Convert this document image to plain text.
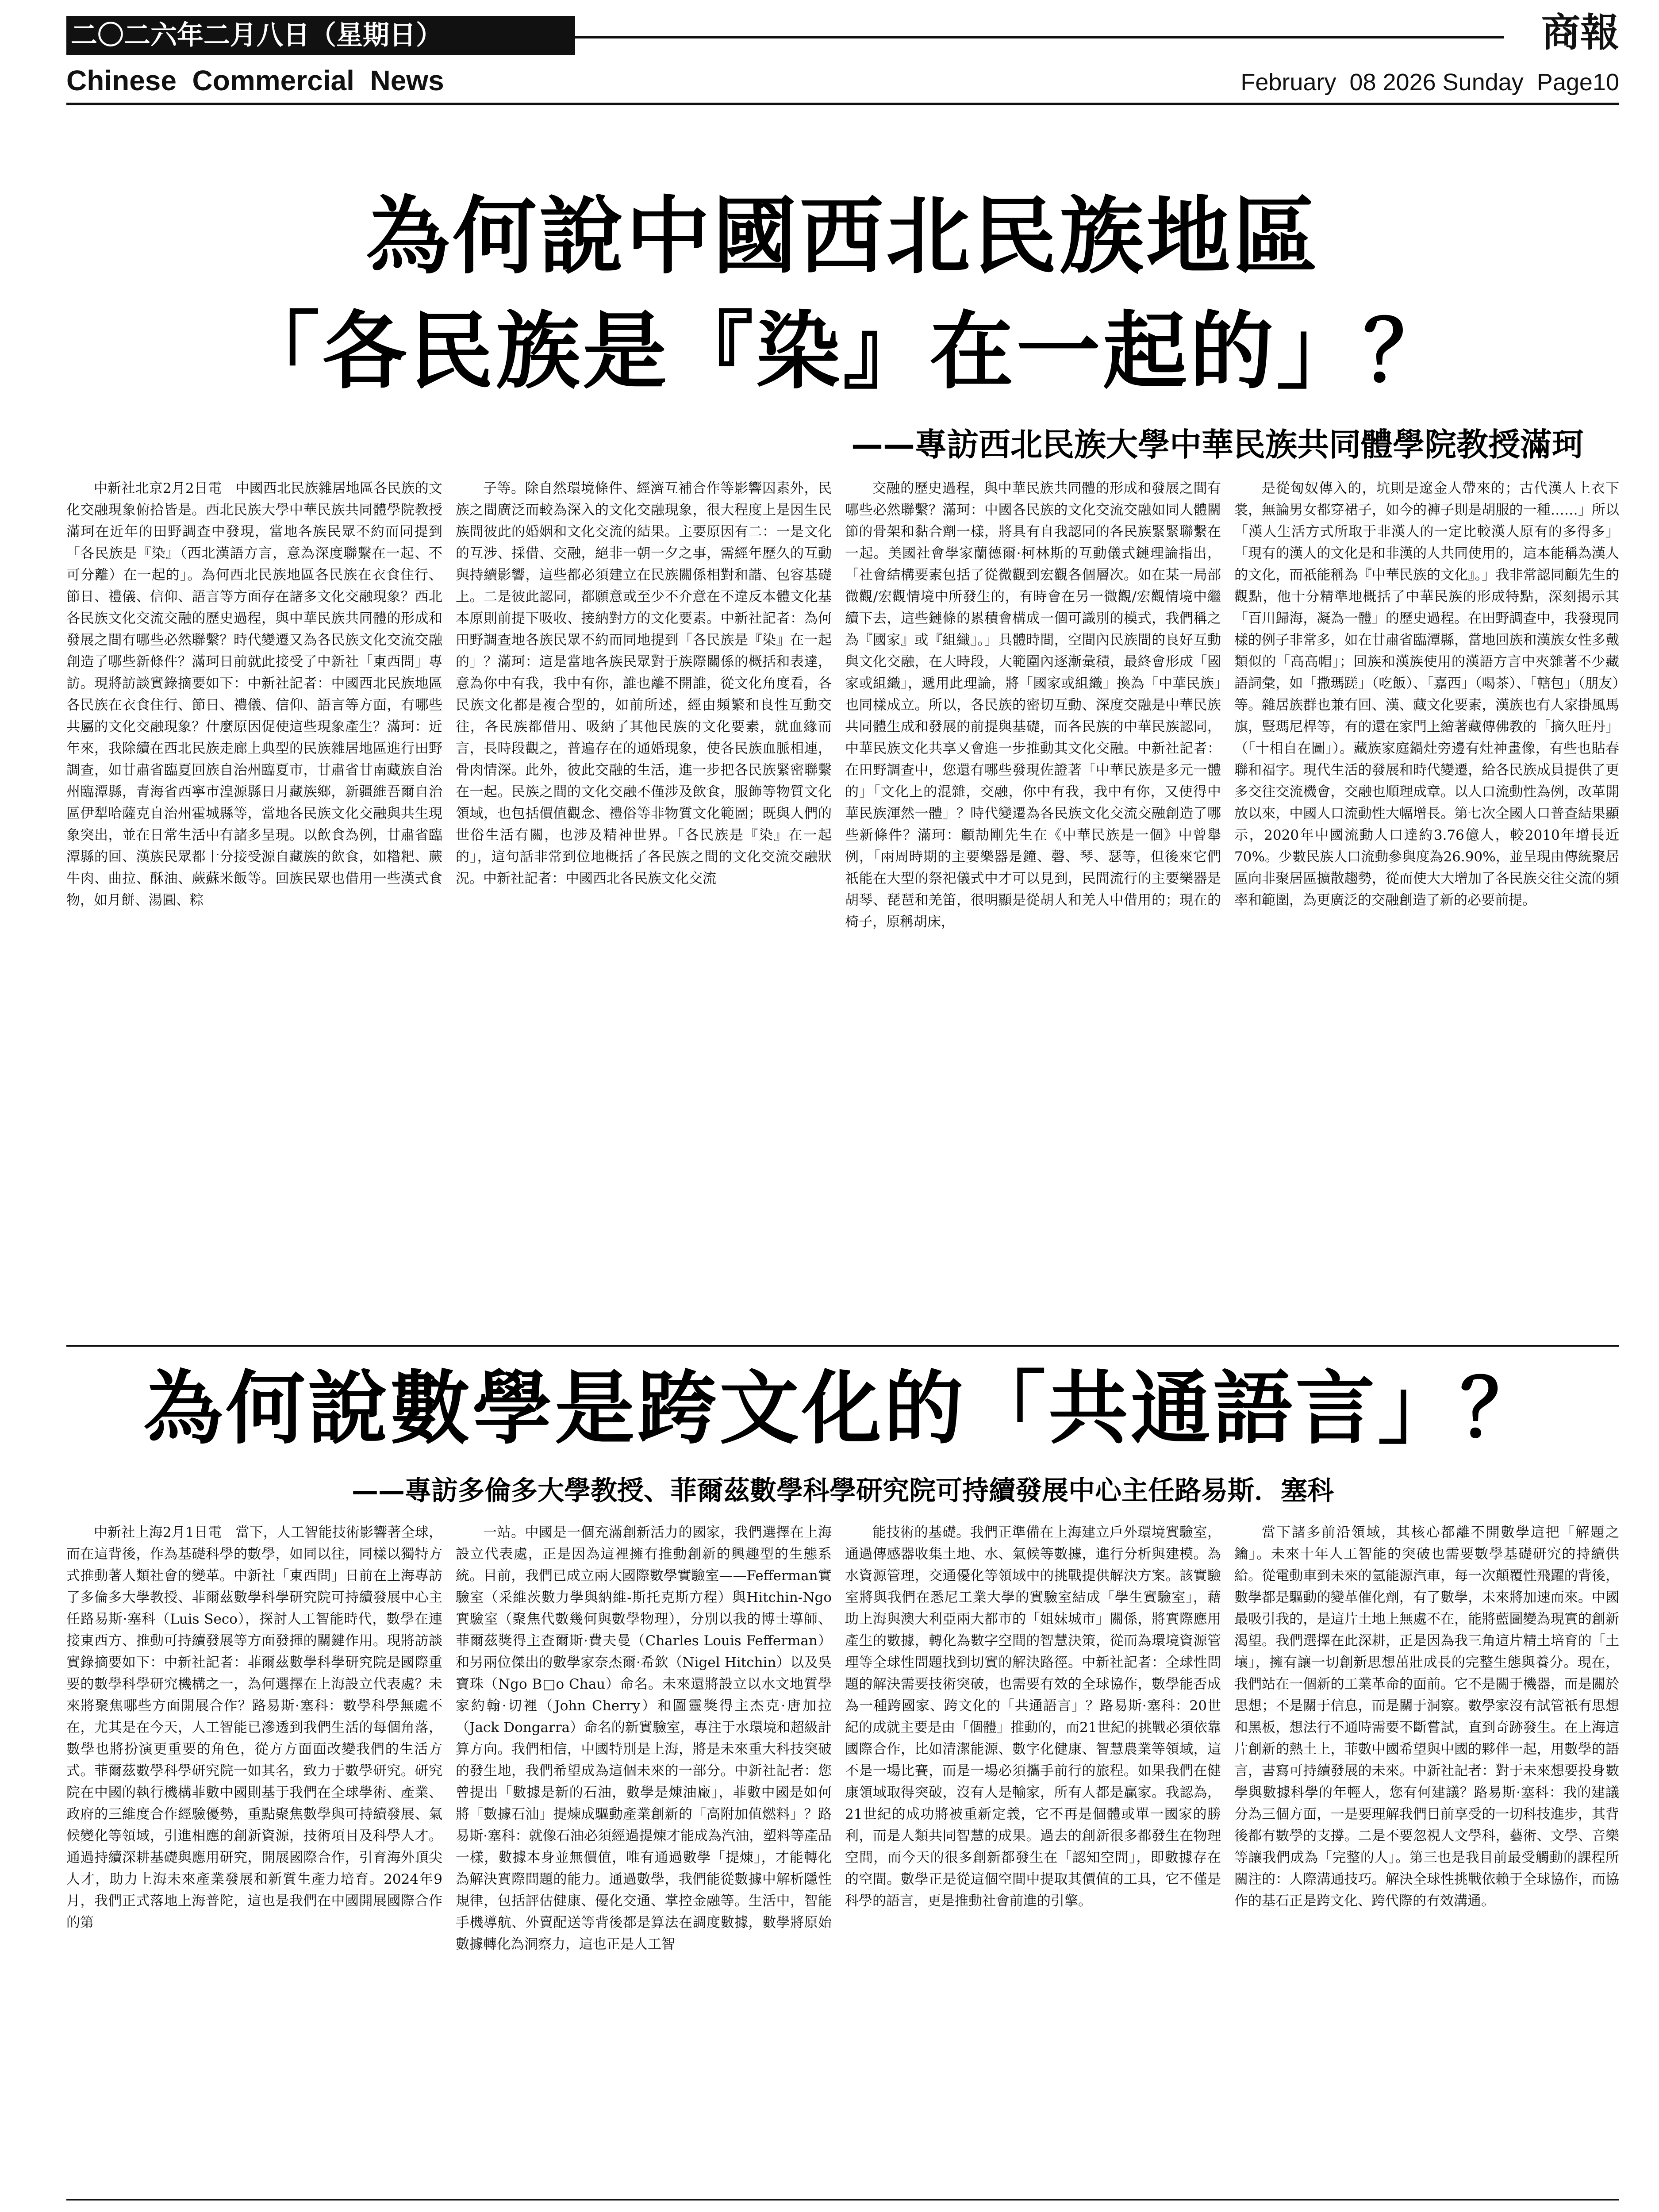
二〇二六年二月八日（星期日）	商報
Chinese  Commercial  News	February  08 2026 Sunday  Page10
為何說中國西北民族地區
「各民族是『染』在一起的」？
——專訪西北民族大學中華民族共同體學院教授滿珂

中新社北京2月2日電　中國西北民族雜居地區各民族的文化交融現象俯拾皆是。西北民族大學中華民族共同體學院教授滿珂在近年的田野調查中發現，當地各族民眾不約而同提到「各民族是『染』（西北漢語方言，意為深度聯繫在一起、不可分離）在一起的」。為何西北民族地區各民族在衣食住行、節日、禮儀、信仰、語言等方面存在諸多文化交融現象？西北各民族文化交流交融的歷史過程，與中華民族共同體的形成和發展之間有哪些必然聯繫？時代變遷又為各民族文化交流交融創造了哪些新條件？滿珂日前就此接受了中新社「東西問」專訪。現將訪談實錄摘要如下：中新社記者：中國西北民族地區各民族在衣食住行、節日、禮儀、信仰、語言等方面，有哪些共屬的文化交融現象？什麼原因促使這些現象產生？滿珂：近年來，我除續在西北民族走廊上典型的民族雜居地區進行田野調查，如甘肅省臨夏回族自治州臨夏市，甘肅省甘南藏族自治州臨潭縣，青海省西寧市湟源縣日月藏族鄉，新疆維吾爾自治區伊犁哈薩克自治州霍城縣等，當地各民族文化交融與共生現象突出，並在日常生活中有諸多呈現。以飲食為例，甘肅省臨潭縣的回、漢族民眾都十分接受源自藏族的飲食，如糌粑、蕨牛肉、曲拉、酥油、蕨蘇米飯等。回族民眾也借用一些漢式食物，如月餅、湯圓、粽

子等。除自然環境條件、經濟互補合作等影響因素外，民族之間廣泛而較為深入的文化交融現象，很大程度上是因生民族間彼此的婚姻和文化交流的結果。主要原因有二：一是文化的互涉、採借、交融，絕非一朝一夕之事，需經年歷久的互動與持續影響，這些都必須建立在民族關係相對和諧、包容基礎上。二是彼此認同，都願意或至少不介意在不違反本體文化基本原則前提下吸收、接納對方的文化要素。中新社記者：為何田野調查地各族民眾不約而同地提到「各民族是『染』在一起的」？滿珂：這是當地各族民眾對于族際關係的概括和表達，意為你中有我，我中有你，誰也離不開誰，從文化角度看，各民族文化都是複合型的，如前所述，經由頻繁和良性互動交往，各民族都借用、吸納了其他民族的文化要素，就血緣而言，長時段觀之，普遍存在的通婚現象，使各民族血脈相連，骨肉情深。此外，彼此交融的生活，進一步把各民族緊密聯繫在一起。民族之間的文化交融不僅涉及飲食，服飾等物質文化領域，也包括價值觀念、禮俗等非物質文化範圍；既與人們的世俗生活有關，也涉及精神世界。「各民族是『染』在一起的」，這句話非常到位地概括了各民族之間的文化交流交融狀況。中新社記者：中國西北各民族文化交流

交融的歷史過程，與中華民族共同體的形成和發展之間有哪些必然聯繫？滿珂：中國各民族的文化交流交融如同人體關節的骨架和黏合劑一樣，將具有自我認同的各民族緊緊聯繫在一起。美國社會學家蘭德爾·柯林斯的互動儀式鏈理論指出，「社會結構要素包括了從微觀到宏觀各個層次。如在某一局部微觀/宏觀情境中所發生的，有時會在另一微觀/宏觀情境中繼續下去，這些鏈條的累積會構成一個可識別的模式，我們稱之為『國家』或『組織』。」具體時間，空間內民族間的良好互動與文化交融，在大時段，大範圍內逐漸彙積，最終會形成「國家或組織」，遞用此理論，將「國家或組織」換為「中華民族」也同樣成立。所以，各民族的密切互動、深度交融是中華民族共同體生成和發展的前提與基礎，而各民族的中華民族認同，中華民族文化共享又會進一步推動其文化交融。中新社記者：在田野調查中，您還有哪些發現佐證著「中華民族是多元一體的」「文化上的混雜，交融，你中有我，我中有你，又使得中華民族渾然一體」？時代變遷為各民族文化交流交融創造了哪些新條件？滿珂：顧劼剛先生在《中華民族是一個》中曾舉例，「兩周時期的主要樂器是鐘、磬、琴、瑟等，但後來它們祇能在大型的祭祀儀式中才可以見到，民間流行的主要樂器是胡琴、琵琶和羌笛，很明顯是從胡人和羌人中借用的；現在的椅子，原稱胡床，

是從匈奴傳入的，坑則是遼金人帶來的；古代漢人上衣下裳，無論男女都穿裙子，如今的褲子則是胡服的一種……」所以「漢人生活方式所取于非漢人的一定比較漢人原有的多得多」「現有的漢人的文化是和非漢的人共同使用的，這本能稱為漢人的文化，而祇能稱為『中華民族的文化』。」我非常認同顧先生的觀點，他十分精準地概括了中華民族的形成特點，深刻揭示其「百川歸海，凝為一體」的歷史過程。在田野調查中，我發現同樣的例子非常多，如在甘肅省臨潭縣，當地回族和漢族女性多戴類似的「高高帽」；回族和漢族使用的漢語方言中夾雜著不少藏語詞彙，如「撒瑪蹉」（吃飯）、「嘉西」（喝茶）、「轄包」（朋友）等。雜居族群也兼有回、漢、藏文化要素，漢族也有人家掛風馬旗，豎瑪尼桿等，有的還在家門上繪著藏傳佛教的「摘久旺丹」（「十相自在圖」）。藏族家庭鍋灶旁邊有灶神畫像，有些也貼春聯和福字。現代生活的發展和時代變遷，給各民族成員提供了更多交往交流機會，交融也順理成章。以人口流動性為例，改革開放以來，中國人口流動性大幅增長。第七次全國人口普查結果顯示，2020年中國流動人口達約3.76億人，較2010年增長近70%。少數民族人口流動參與度為26.90%，並呈現由傳統聚居區向非聚居區擴散趨勢，從而使大大增加了各民族交往交流的頻率和範圍，為更廣泛的交融創造了新的必要前提。

為何說數學是跨文化的「共通語言」？
——專訪多倫多大學教授、菲爾茲數學科學研究院可持續發展中心主任路易斯．塞科

中新社上海2月1日電　當下，人工智能技術影響著全球，而在這背後，作為基礎科學的數學，如同以往，同樣以獨特方式推動著人類社會的變革。中新社「東西問」日前在上海專訪了多倫多大學教授、菲爾茲數學科學研究院可持續發展中心主任路易斯·塞科（Luis Seco），探討人工智能時代，數學在連接東西方、推動可持續發展等方面發揮的關鍵作用。現將訪談實錄摘要如下：中新社記者：菲爾茲數學科學研究院是國際重要的數學科學研究機構之一，為何選擇在上海設立代表處？未來將聚焦哪些方面開展合作？路易斯·塞科：數學科學無處不在，尤其是在今天，人工智能已滲透到我們生活的每個角落，數學也將扮演更重要的角色，從方方面面改變我們的生活方式。菲爾茲數學科學研究院一如其名，致力于數學研究。研究院在中國的執行機構菲數中國則基于我們在全球學術、產業、政府的三維度合作經驗優勢，重點聚焦數學與可持續發展、氣候變化等領域，引進相應的創新資源，技術項目及科學人才。通過持續深耕基礎與應用研究，開展國際合作，引育海外頂尖人才，助力上海未來產業發展和新質生產力培育。2024年9月，我們正式落地上海普陀，這也是我們在中國開展國際合作的第

一站。中國是一個充滿創新活力的國家，我們選擇在上海設立代表處，正是因為這裡擁有推動創新的興趣型的生態系統。目前，我們已成立兩大國際數學實驗室——Fefferman實驗室（采維茨數力學與納維-斯托克斯方程）與Hitchin-Ngo實驗室（聚焦代數幾何與數學物理），分別以我的博士導師、菲爾茲獎得主查爾斯·費夫曼（Charles Louis Fefferman）和另兩位傑出的數學家奈杰爾·希欽（Nigel Hitchin）以及吳寶珠（Ngo B□o Chau）命名。未來還將設立以水文地質學家約翰·切裡（John Cherry）和圖靈獎得主杰克·唐加拉（Jack Dongarra）命名的新實驗室，專注于水環境和超級計算方向。我們相信，中國特別是上海，將是未來重大科技突破的發生地，我們希望成為這個未來的一部分。中新社記者：您曾提出「數據是新的石油，數學是煉油廠」，菲數中國是如何將「數據石油」提煉成驅動產業創新的「高附加值燃料」？路易斯·塞科：就像石油必須經過提煉才能成為汽油，塑料等產品一樣，數據本身並無價值，唯有通過數學「提煉」，才能轉化為解決實際問題的能力。通過數學，我們能從數據中解析隱性規律，包括評估健康、優化交通、掌控金融等。生活中，智能手機導航、外賣配送等背後都是算法在調度數據，數學將原始數據轉化為洞察力，這也正是人工智

能技術的基礎。我們正準備在上海建立戶外環境實驗室，通過傳感器收集土地、水、氣候等數據，進行分析與建模。為水資源管理，交通優化等領域中的挑戰提供解決方案。該實驗室將與我們在悉尼工業大學的實驗室結成「學生實驗室」，藉助上海與澳大利亞兩大都市的「姐妹城市」關係，將實際應用產生的數據，轉化為數字空間的智慧決策，從而為環境資源管理等全球性問題找到切實的解決路徑。中新社記者：全球性問題的解決需要技術突破，也需要有效的全球協作，數學能否成為一種跨國家、跨文化的「共通語言」？路易斯·塞科：20世紀的成就主要是由「個體」推動的，而21世紀的挑戰必須依靠國際合作，比如清潔能源、數字化健康、智慧農業等領域，這不是一場比賽，而是一場必須攜手前行的旅程。如果我們在健康領域取得突破，沒有人是輸家，所有人都是贏家。我認為，21世紀的成功將被重新定義，它不再是個體或單一國家的勝利，而是人類共同智慧的成果。過去的創新很多都發生在物理空間，而今天的很多創新都發生在「認知空間」，即數據存在的空間。數學正是從這個空間中提取其價值的工具，它不僅是科學的語言，更是推動社會前進的引擎。

當下諸多前沿領域，其核心都離不開數學這把「解題之鑰」。未來十年人工智能的突破也需要數學基礎研究的持續供給。從電動車到未來的氫能源汽車，每一次顛覆性飛躍的背後，數學都是驅動的變革催化劑，有了數學，未來將加速而來。中國最吸引我的，是這片土地上無處不在，能將藍圖變為現實的創新渴望。我們選擇在此深耕，正是因為我三角這片精土培育的「土壤」，擁有讓一切創新思想茁壯成長的完整生態與養分。現在，我們站在一個新的工業革命的面前。它不是關于機器，而是關於思想；不是關于信息，而是關于洞察。數學家沒有試管祇有思想和黑板，想法行不通時需要不斷嘗試，直到奇跡發生。在上海這片創新的熱土上，菲數中國希望與中國的夥伴一起，用數學的語言，書寫可持續發展的未來。中新社記者：對于未來想要投身數學與數據科學的年輕人，您有何建議？路易斯·塞科：我的建議分為三個方面，一是要理解我們目前享受的一切科技進步，其背後都有數學的支撐。二是不要忽視人文學科，藝術、文學、音樂等讓我們成為「完整的人」。第三也是我目前最受觸動的課程所關注的：人際溝通技巧。解決全球性挑戰依賴于全球協作，而協作的基石正是跨文化、跨代際的有效溝通。
